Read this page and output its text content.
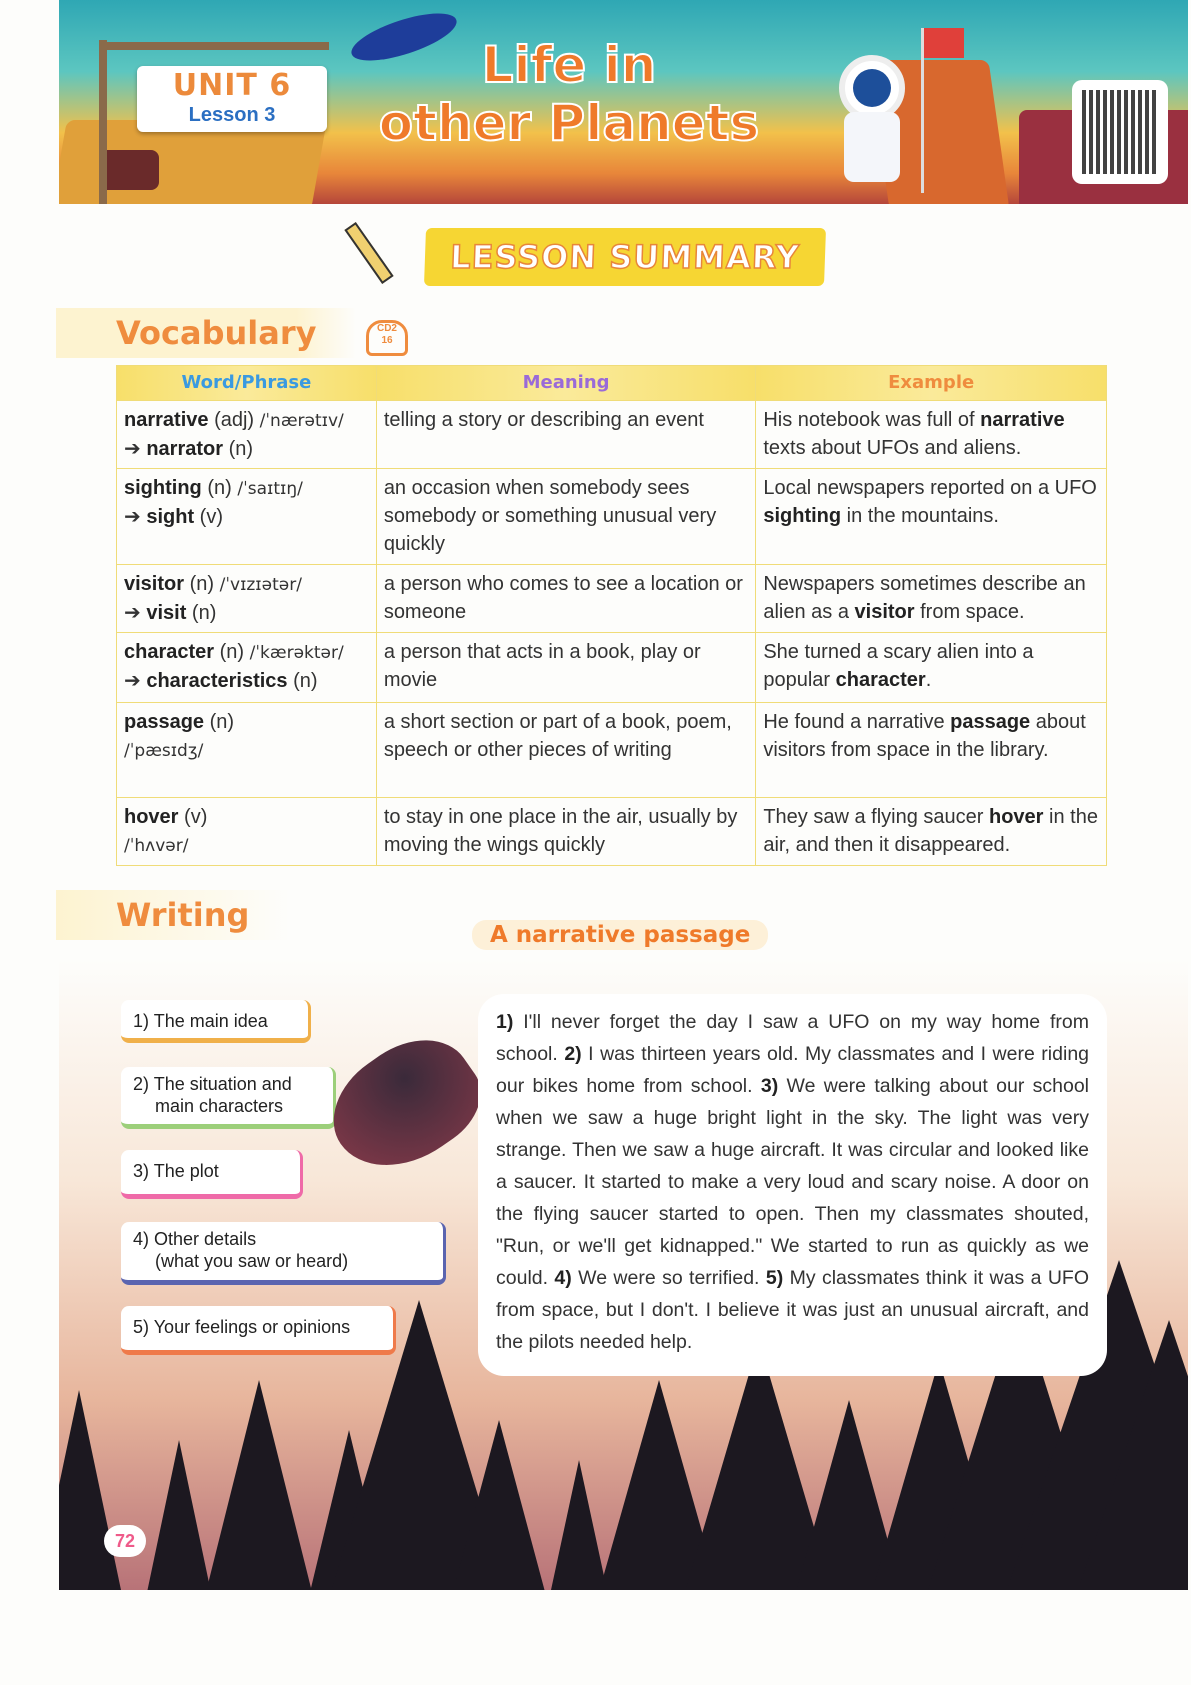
UNIT 6
Lesson 3
Life in
other Planets
LESSON SUMMARY
Vocabulary	CD2
16
Word/Phrase	Meaning	Example
narrative (adj) /ˈnærətɪv/
➔ narrator (n)	telling a story or describing an event	His notebook was full of narrative texts about UFOs and aliens.
sighting (n) /ˈsaɪtɪŋ/
➔ sight (v)	an occasion when somebody sees somebody or something unusual very quickly	Local newspapers reported on a UFO sighting in the mountains.
visitor (n) /ˈvɪzɪətər/
➔ visit (n)	a person who comes to see a location or someone	Newspapers sometimes describe an alien as a visitor from space.
character (n) /ˈkærəktər/
➔ characteristics (n)	a person that acts in a book, play or movie	She turned a scary alien into a popular character.
passage (n)
/ˈpæsɪdʒ/	a short section or part of a book, poem, speech or other pieces of writing	He found a narrative passage about visitors from space in the library.
hover (v)
/ˈhʌvər/	to stay in one place in the air, usually by moving the wings quickly	They saw a flying saucer hover in the air, and then it disappeared.
Writing
A narrative passage
1) The main idea
2) The situation and
main characters
3) The plot
4) Other details
(what you saw or heard)
5) Your feelings or opinions

1) I'll never forget the day I saw a UFO on my way home from school. 2) I was thirteen years old. My classmates and I were riding our bikes home from school. 3) We were talking about our school when we saw a huge bright light in the sky. The light was very strange. Then we saw a huge aircraft. It was circular and looked like a saucer. It started to make a very loud and scary noise. A door on the flying saucer started to open. Then my classmates shouted, "Run, or we'll get kidnapped." We started to run as quickly as we could. 4) We were so terrified. 5) My classmates think it was a UFO from space, but I don't. I believe it was just an unusual aircraft, and the pilots needed help.

72
